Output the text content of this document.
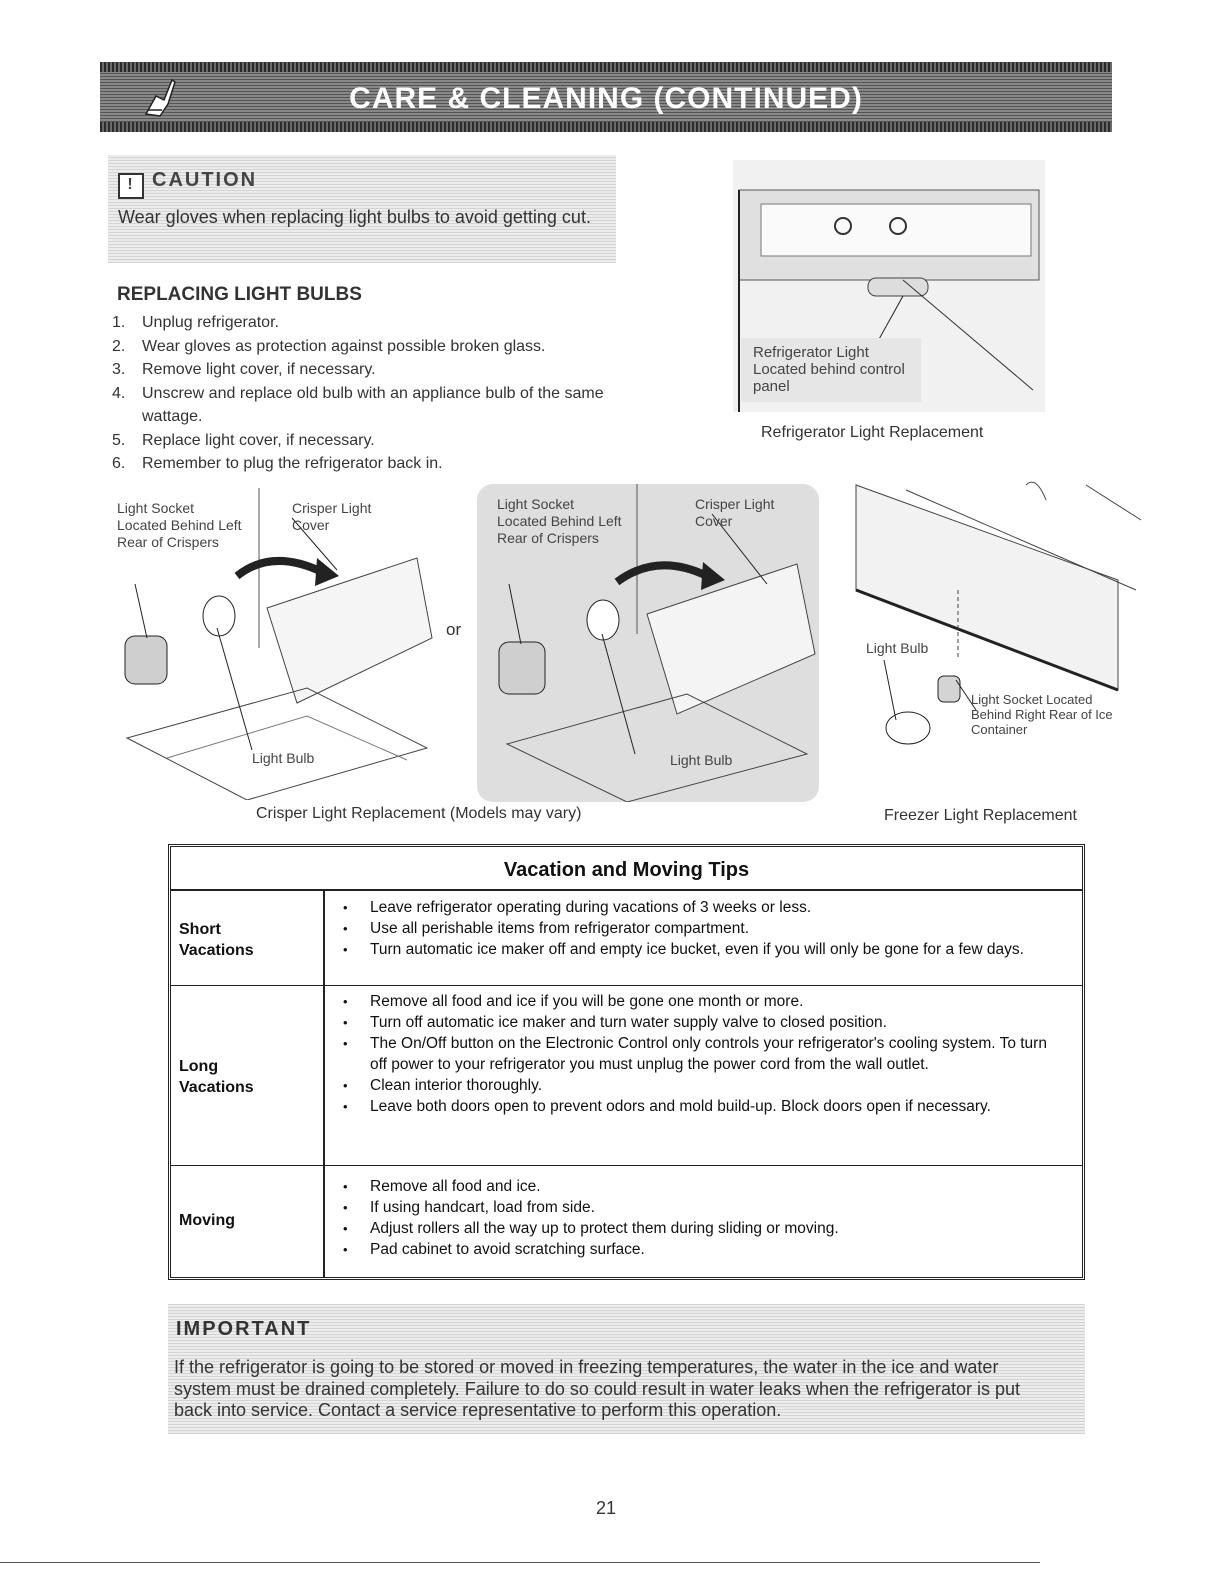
CARE & CLEANING (CONTINUED)
! CAUTION
Wear gloves when replacing light bulbs to avoid getting cut.
REPLACING LIGHT BULBS
1.	Unplug refrigerator.
2.	Wear gloves as protection against possible broken glass.
3.	Remove light cover, if necessary.
4.	Unscrew and replace old bulb with an appliance bulb of the same wattage.
5.	Replace light cover, if necessary.
6.	Remember to plug the refrigerator back in.
Refrigerator Light Located behind control panel
Refrigerator Light Replacement
Light Socket Located Behind Left Rear of Crispers
Crisper Light Cover
Light Bulb
or
Light Socket Located Behind Left Rear of Crispers
Crisper Light Cover
Light Bulb
Crisper Light Replacement (Models may vary)
Light Bulb
Light Socket Located Behind Right Rear of Ice Container
Freezer Light Replacement
Vacation and Moving Tips
Short Vacations
• Leave refrigerator operating during vacations of 3 weeks or less.
• Use all perishable items from refrigerator compartment.
• Turn automatic ice maker off and empty ice bucket, even if you will only be gone for a few days.
Long Vacations
• Remove all food and ice if you will be gone one month or more.
• Turn off automatic ice maker and turn water supply valve to closed position.
• The On/Off button on the Electronic Control only controls your refrigerator's cooling system. To turn off power to your refrigerator you must unplug the power cord from the wall outlet.
• Clean interior thoroughly.
• Leave both doors open to prevent odors and mold build-up. Block doors open if necessary.
Moving
• Remove all food and ice.
• If using handcart, load from side.
• Adjust rollers all the way up to protect them during sliding or moving.
• Pad cabinet to avoid scratching surface.
IMPORTANT
If the refrigerator is going to be stored or moved in freezing temperatures, the water in the ice and water system must be drained completely. Failure to do so could result in water leaks when the refrigerator is put back into service. Contact a service representative to perform this operation.
21
